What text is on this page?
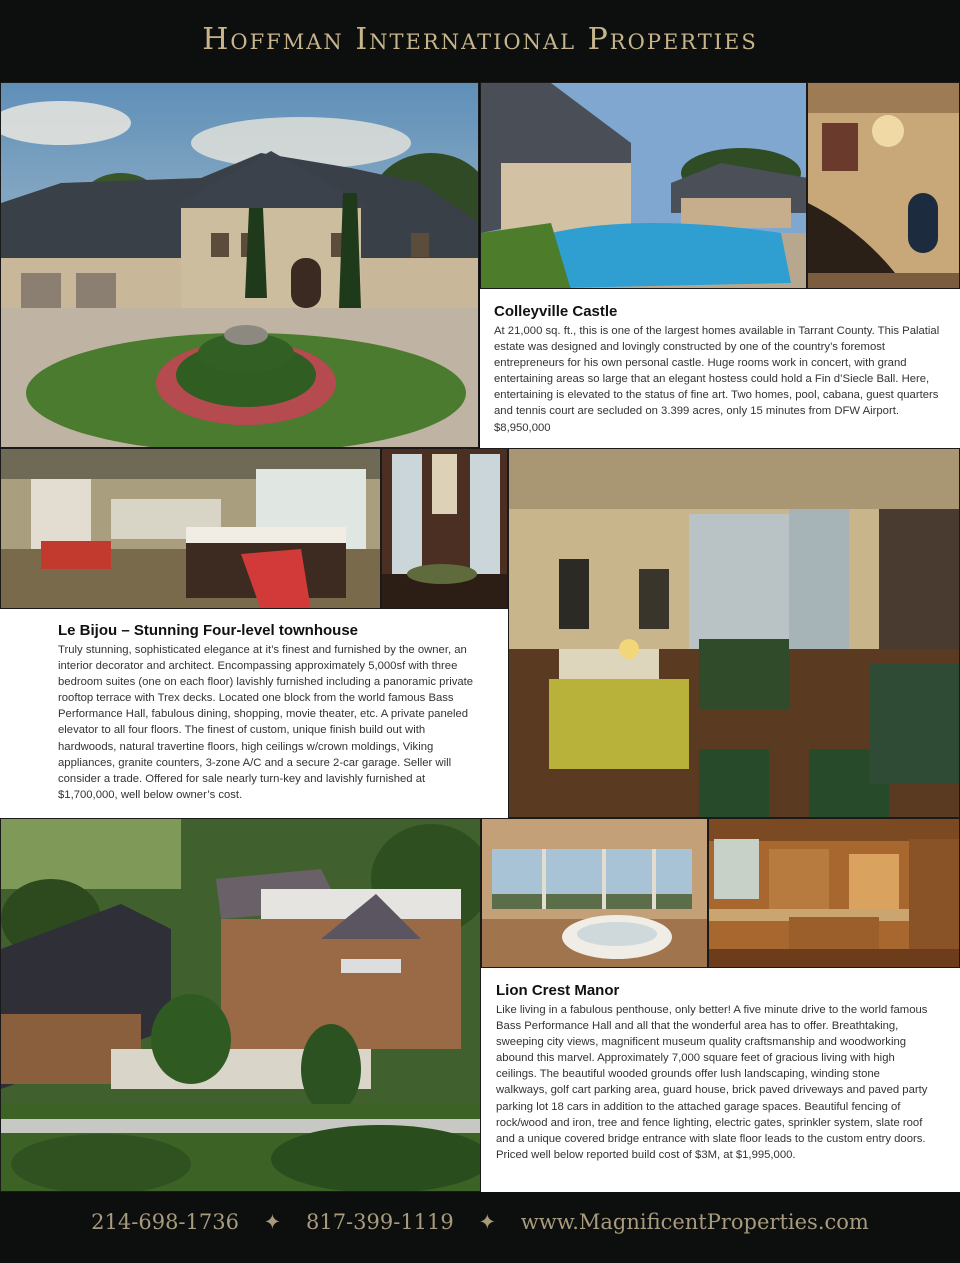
Hoffman International Properties
Colleyville Castle

At 21,000 sq. ft., this is one of the largest homes available in Tarrant County. This Palatial estate was designed and lovingly constructed by one of the country’s foremost entrepreneurs for his own personal castle. Huge rooms work in concert, with grand entertaining areas so large that an elegant hostess could hold a Fin d’Siecle Ball. Here, entertaining is elevated to the status of fine art. Two homes, pool, cabana, guest quarters and tennis court are secluded on 3.399 acres, only 15 minutes from DFW Airport. $8,950,000

Le Bijou – Stunning Four-level townhouse

Truly stunning, sophisticated elegance at it’s finest and furnished by the owner, an interior decorator and architect. Encompassing approximately 5,000sf with three bedroom suites (one on each floor) lavishly furnished including a panoramic private rooftop terrace with Trex decks. Located one block from the world famous Bass Performance Hall, fabulous dining, shopping, movie theater, etc. A private paneled elevator to all four floors. The finest of custom, unique finish build out with hardwoods, natural travertine floors, high ceilings w/crown moldings, Viking appliances, granite counters, 3-zone A/C and a secure 2-car garage. Seller will consider a trade. Offered for sale nearly turn-key and lavishly furnished at $1,700,000, well below owner’s cost.

Lion Crest Manor

Like living in a fabulous penthouse, only better! A five minute drive to the world famous Bass Performance Hall and all that the wonderful area has to offer. Breathtaking, sweeping city views, magnificent museum quality craftsmanship and woodworking abound this marvel. Approximately 7,000 square feet of gracious living with high ceilings. The beautiful wooded grounds offer lush landscaping, winding stone walkways, golf cart parking area, guard house, brick paved driveways and paved party parking lot 18 cars in addition to the attached garage spaces. Beautiful fencing of rock/wood and iron, tree and fence lighting, electric gates, sprinkler system, slate roof and a unique covered bridge entrance with slate floor leads to the custom entry doors. Priced well below reported build cost of $3M, at $1,995,000.

214-698-1736 ✦ 817-399-1119 ✦ www.MagnificentProperties.com
